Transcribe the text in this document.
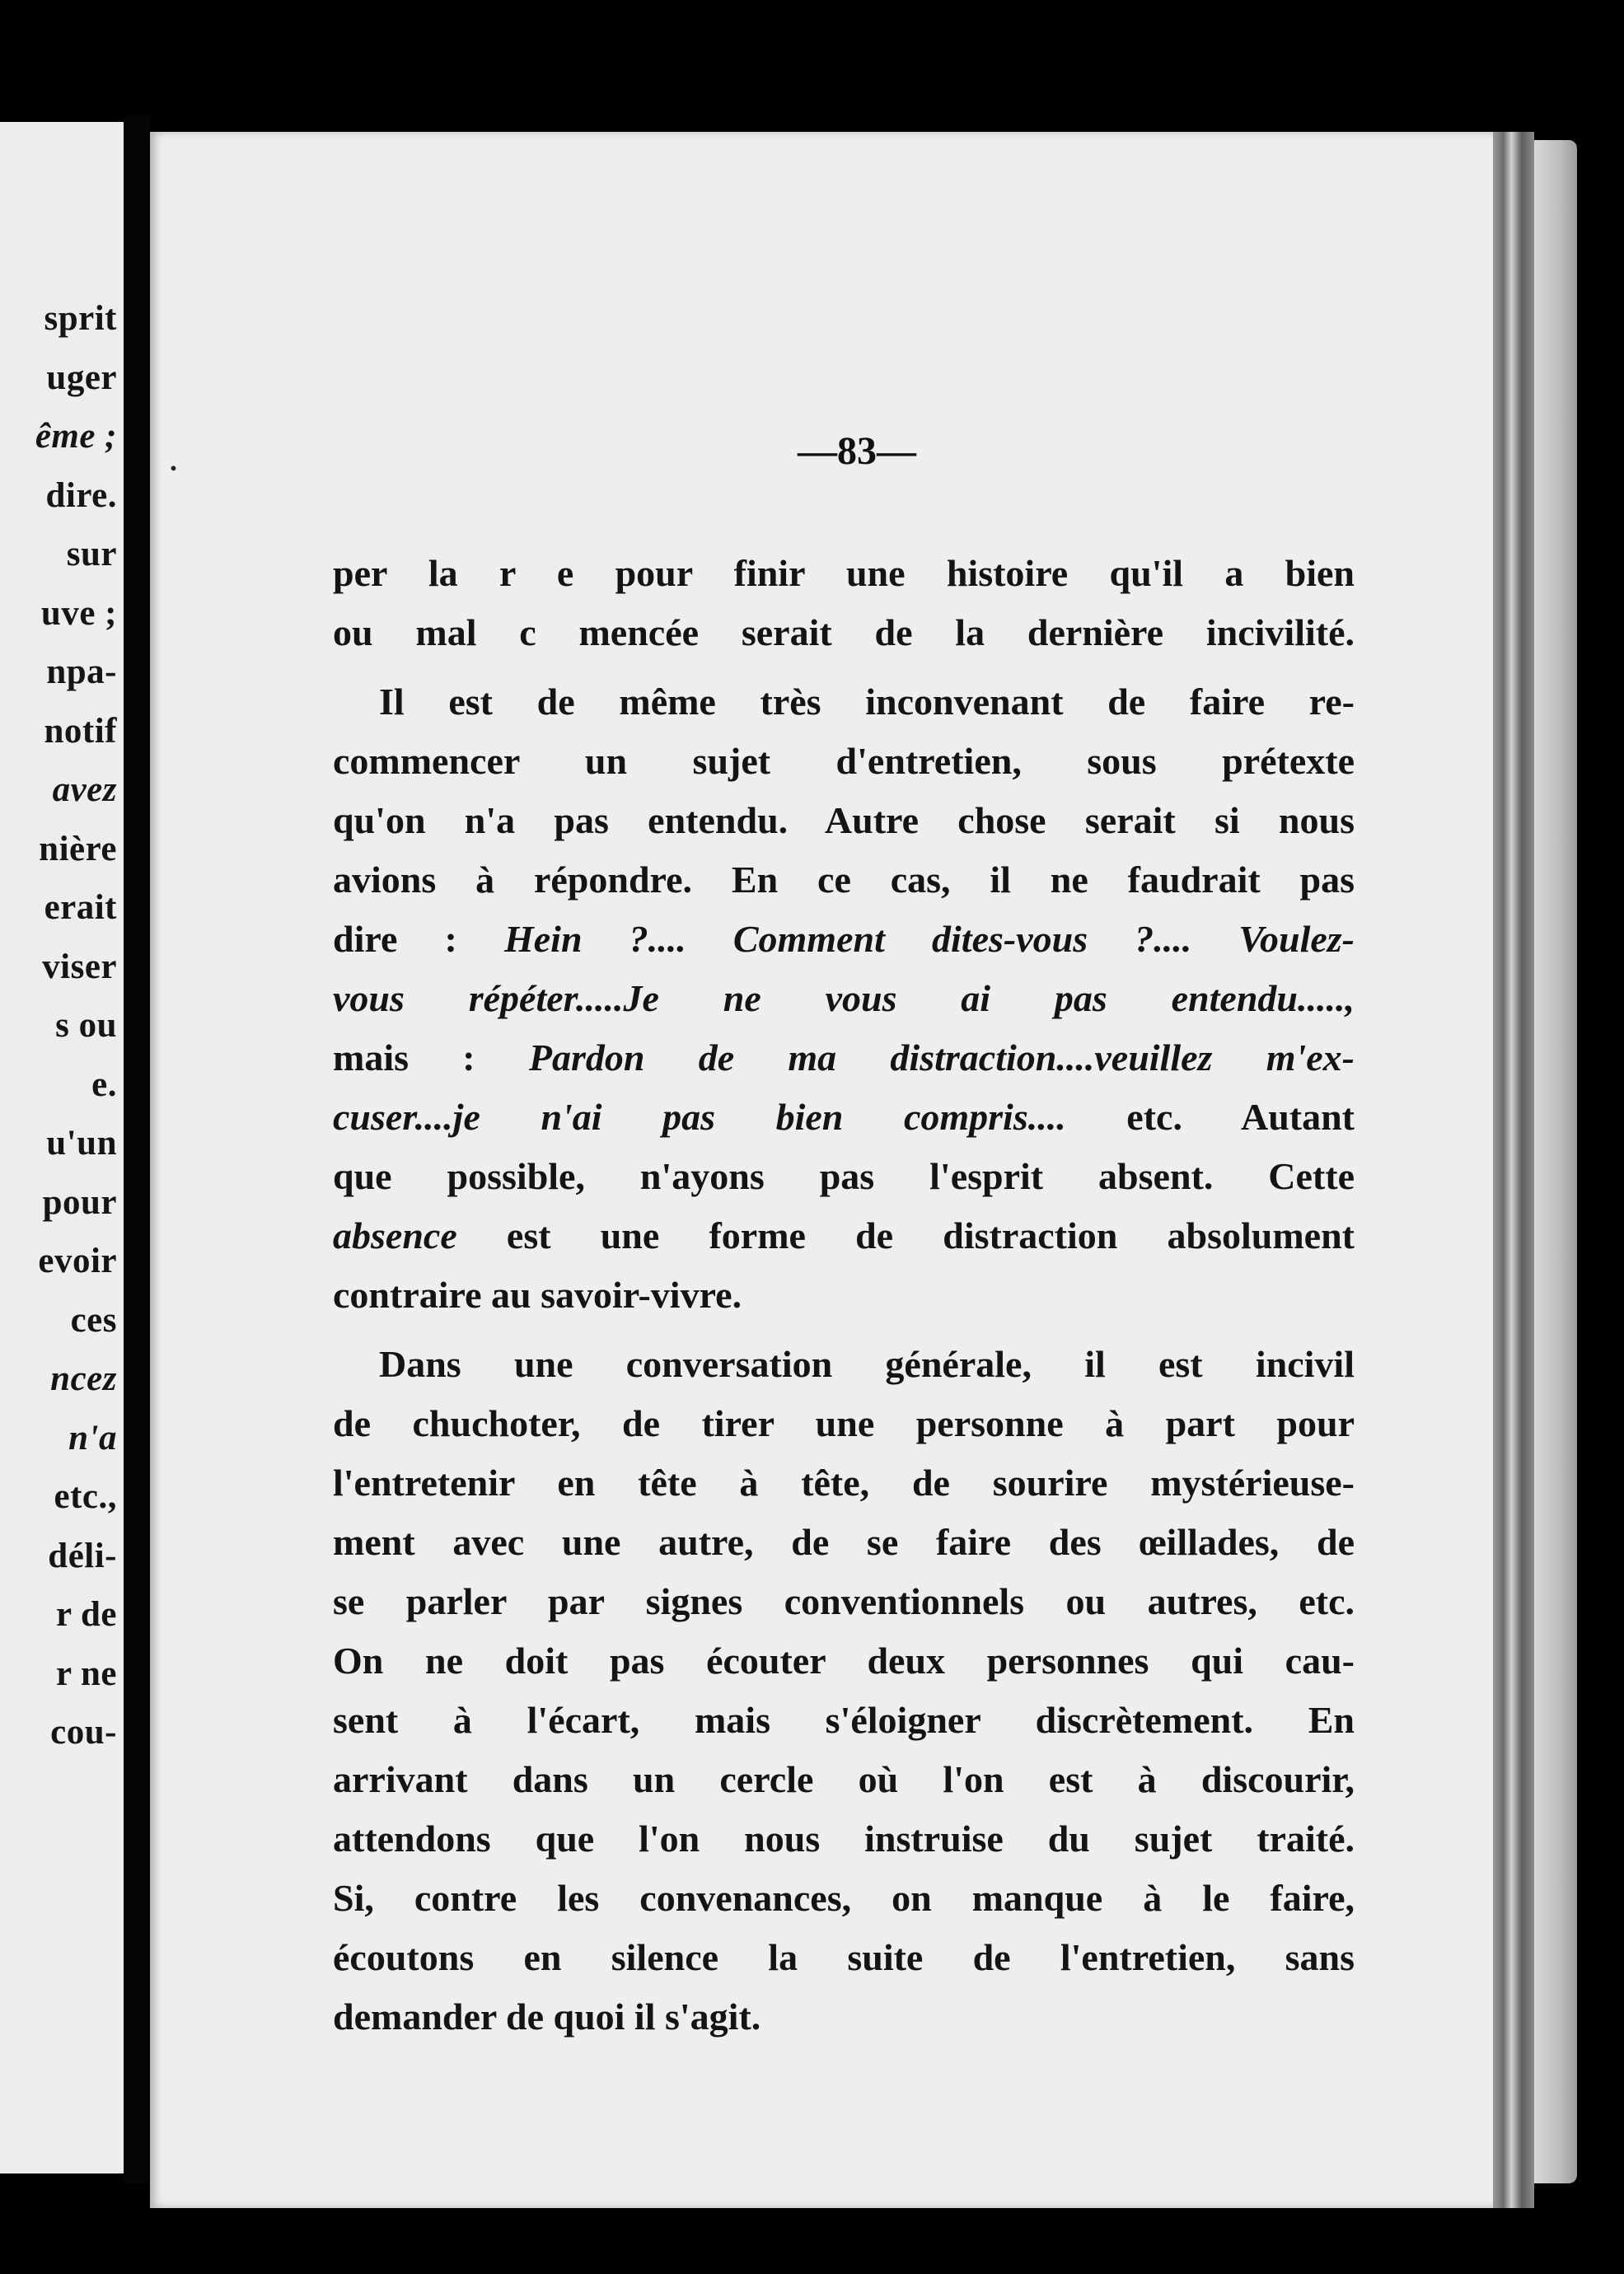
sprit
uger
ême ;
dire.
sur
uve ;
npa-
notif
avez
nière
erait
viser
s ou
e.
u'un
pour
evoir
ces
ncez
n'a
etc.,
déli-
r de
r ne
cou-
—83—
.
per la r e pour finir une histoire qu'il a bien
ou mal c mencée serait de la dernière incivilité.
Il est de même très inconvenant de faire re-
commencer un sujet d'entretien, sous prétexte
qu'on n'a pas entendu. Autre chose serait si nous
avions à répondre. En ce cas, il ne faudrait pas
dire : Hein ?.... Comment dites-vous ?.... Voulez-
vous répéter.....Je ne vous ai pas entendu.....,
mais : Pardon de ma distraction....veuillez m'ex-
cuser....je n'ai pas bien compris.... etc. Autant
que possible, n'ayons pas l'esprit absent. Cette
absence est une forme de distraction absolument
contraire au savoir-vivre.
Dans une conversation générale, il est incivil
de chuchoter, de tirer une personne à part pour
l'entretenir en tête à tête, de sourire mystérieuse-
ment avec une autre, de se faire des œillades, de
se parler par signes conventionnels ou autres, etc.
On ne doit pas écouter deux personnes qui cau-
sent à l'écart, mais s'éloigner discrètement. En
arrivant dans un cercle où l'on est à discourir,
attendons que l'on nous instruise du sujet traité.
Si, contre les convenances, on manque à le faire,
écoutons en silence la suite de l'entretien, sans
demander de quoi il s'agit.
